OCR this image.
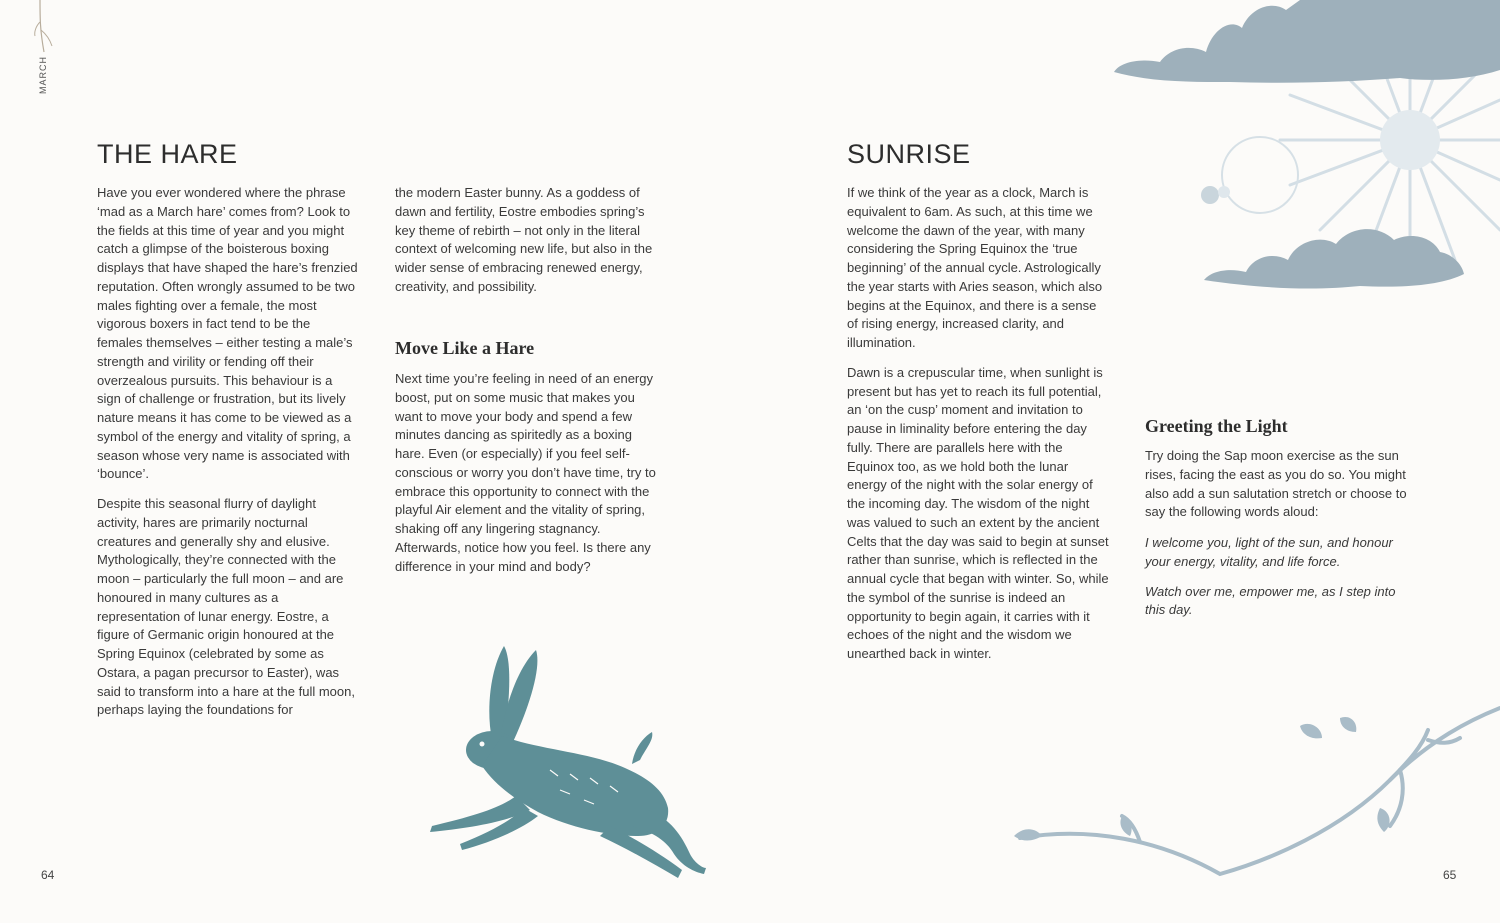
MARCH
THE HARE

Have you ever wondered where the phrase ‘mad as a March hare’ comes from? Look to the fields at this time of year and you might catch a glimpse of the boisterous boxing displays that have shaped the hare’s frenzied reputation. Often wrongly assumed to be two males fighting over a female, the most vigorous boxers in fact tend to be the females themselves – either testing a male’s strength and virility or fending off their overzealous pursuits. This behaviour is a sign of challenge or frustration, but its lively nature means it has come to be viewed as a symbol of the energy and vitality of spring, a season whose very name is associated with ‘bounce’.

Despite this seasonal flurry of daylight activity, hares are primarily nocturnal creatures and generally shy and elusive. Mythologically, they’re connected with the moon – particularly the full moon – and are honoured in many cultures as a representation of lunar energy. Eostre, a figure of Germanic origin honoured at the Spring Equinox (celebrated by some as Ostara, a pagan precursor to Easter), was said to transform into a hare at the full moon, perhaps laying the foundations for

the modern Easter bunny. As a goddess of dawn and fertility, Eostre embodies spring’s key theme of rebirth – not only in the literal context of welcoming new life, but also in the wider sense of embracing renewed energy, creativity, and possibility.

Move Like a Hare

Next time you’re feeling in need of an energy boost, put on some music that makes you want to move your body and spend a few minutes dancing as spiritedly as a boxing hare. Even (or especially) if you feel self-conscious or worry you don’t have time, try to embrace this opportunity to connect with the playful Air element and the vitality of spring, shaking off any lingering stagnancy. Afterwards, notice how you feel. Is there any difference in your mind and body?

64
SUNRISE

If we think of the year as a clock, March is equivalent to 6am. As such, at this time we welcome the dawn of the year, with many considering the Spring Equinox the ‘true beginning’ of the annual cycle. Astrologically the year starts with Aries season, which also begins at the Equinox, and there is a sense of rising energy, increased clarity, and illumination.

Dawn is a crepuscular time, when sunlight is present but has yet to reach its full potential, an ‘on the cusp’ moment and invitation to pause in liminality before entering the day fully. There are parallels here with the Equinox too, as we hold both the lunar energy of the night with the solar energy of the incoming day. The wisdom of the night was valued to such an extent by the ancient Celts that the day was said to begin at sunset rather than sunrise, which is reflected in the annual cycle that began with winter. So, while the symbol of the sunrise is indeed an opportunity to begin again, it carries with it echoes of the night and the wisdom we unearthed back in winter.

Greeting the Light

Try doing the Sap moon exercise as the sun rises, facing the east as you do so. You might also add a sun salutation stretch or choose to say the following words aloud:

I welcome you, light of the sun, and honour your energy, vitality, and life force.

Watch over me, empower me, as I step into this day.

65
